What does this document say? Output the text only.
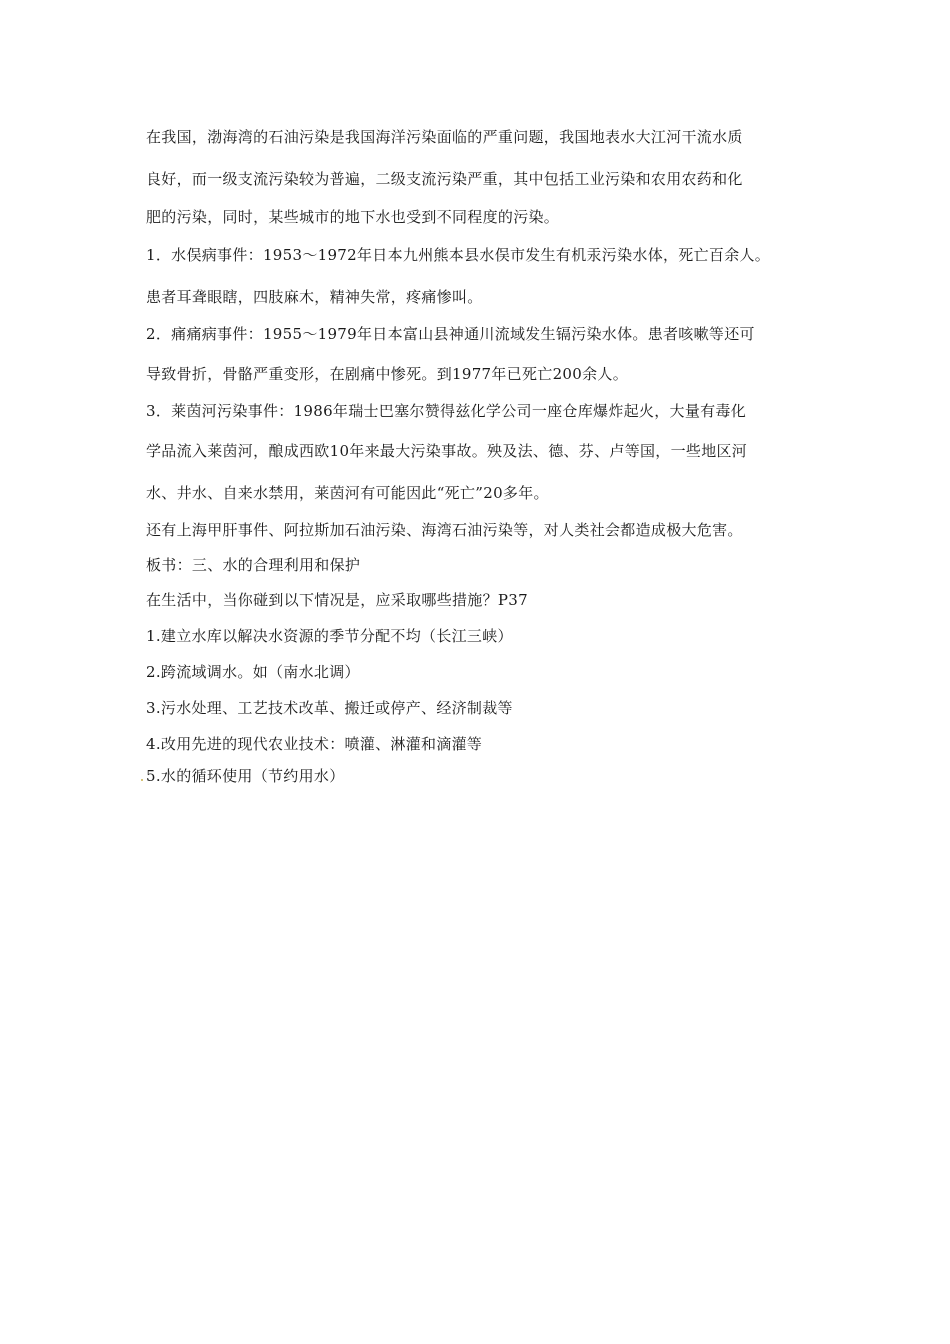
在我国，渤海湾的石油污染是我国海洋污染面临的严重问题，我国地表水大江河干流水质
良好，而一级支流污染较为普遍，二级支流污染严重，其中包括工业污染和农用农药和化
肥的污染，同时，某些城市的地下水也受到不同程度的污染。
1．水俣病事件：1953～1972年日本九州熊本县水俣市发生有机汞污染水体，死亡百余人。
患者耳聋眼瞎，四肢麻木，精神失常，疼痛惨叫。
2．痛痛病事件：1955～1979年日本富山县神通川流域发生镉污染水体。患者咳嗽等还可
导致骨折，骨骼严重变形，在剧痛中惨死。到1977年已死亡200余人。
3．莱茵河污染事件：1986年瑞士巴塞尔赞得兹化学公司一座仓库爆炸起火，大量有毒化
学品流入莱茵河，酿成西欧10年来最大污染事故。殃及法、德、芬、卢等国，一些地区河
水、井水、自来水禁用，莱茵河有可能因此“死亡”20多年。
还有上海甲肝事件、阿拉斯加石油污染、海湾石油污染等，对人类社会都造成极大危害。
板书：三、水的合理利用和保护
在生活中，当你碰到以下情况是，应采取哪些措施？P37
1.建立水库以解决水资源的季节分配不均（长江三峡）
2.跨流域调水。如（南水北调）
3.污水处理、工艺技术改革、搬迁或停产、经济制裁等
4.改用先进的现代农业技术：喷灌、淋灌和滴灌等
5.水的循环使用（节约用水）
